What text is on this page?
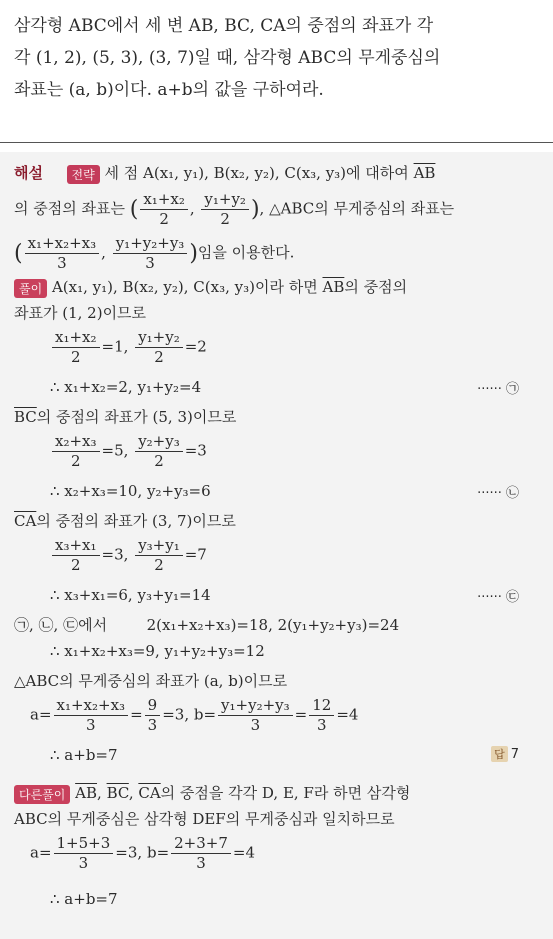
삼각형 ABC에서 세 변 AB, BC, CA의 중점의 좌표가 각
각 (1, 2), (5, 3), (3, 7)일 때, 삼각형 ABC의 무게중심의
좌표는 (a, b)이다. a+b의 값을 구하여라.
해설 전략 세 점 A(x₁, y₁), B(x₂, y₂), C(x₃, y₃)에 대하여 $\overline{AB}$
의 중점의 좌표는 ( $\frac{\text{x₁+x₂}}{2}$ , $\frac{\text{y₁+y₂}}{2}$ ), △ABC의 무게중심의 좌표는
( $\frac{\text{x₁+x₂+x₃}}{3}$ , $\frac{\text{y₁+y₂+y₃}}{3}$ )임을 이용한다.
풀이 A(x₁, y₁), B(x₂, y₂), C(x₃, y₃)이라 하면 $\overline{AB}$의 중점의
좌표가 (1, 2)이므로
$\frac{\text{x₁+x₂}}{2} =1$, $\frac{\text{y₁+y₂}}{2} =2$
∴ x₁+x₂=2, y₁+y₂=4	······ ㉠
$\overline{BC}$의 중점의 좌표가 (5, 3)이므로
$\frac{\text{x₂+x₃}}{2} =5$, $\frac{\text{y₂+y₃}}{2} =3$
∴ x₂+x₃=10, y₂+y₃=6	······ ㉡
$\overline{CA}$의 중점의 좌표가 (3, 7)이므로
$\frac{\text{x₃+x₁}}{2} =3$, $\frac{\text{y₃+y₁}}{2} =7$
∴ x₃+x₁=6, y₃+y₁=14	······ ㉢
㉠, ㉡, ㉢에서	2(x₁+x₂+x₃)=18, 2(y₁+y₂+y₃)=24
∴ x₁+x₂+x₃=9, y₁+y₂+y₃=12
△ABC의 무게중심의 좌표가 (a, b)이므로
$a= \frac{\text{x₁+x₂+x₃}}{3} = \frac{9}{3} =3$, $b= \frac{\text{y₁+y₂+y₃}}{3} = \frac{12}{3} =4$
∴ a+b=7	답 7
다른풀이 $\overline{AB}$, $\overline{BC}$, $\overline{CA}$의 중점을 각각 D, E, F라 하면 삼각형
ABC의 무게중심은 삼각형 DEF의 무게중심과 일치하므로
$a= \frac{1+5+3}{3} =3$, $b= \frac{2+3+7}{3} =4$
∴ a+b=7
